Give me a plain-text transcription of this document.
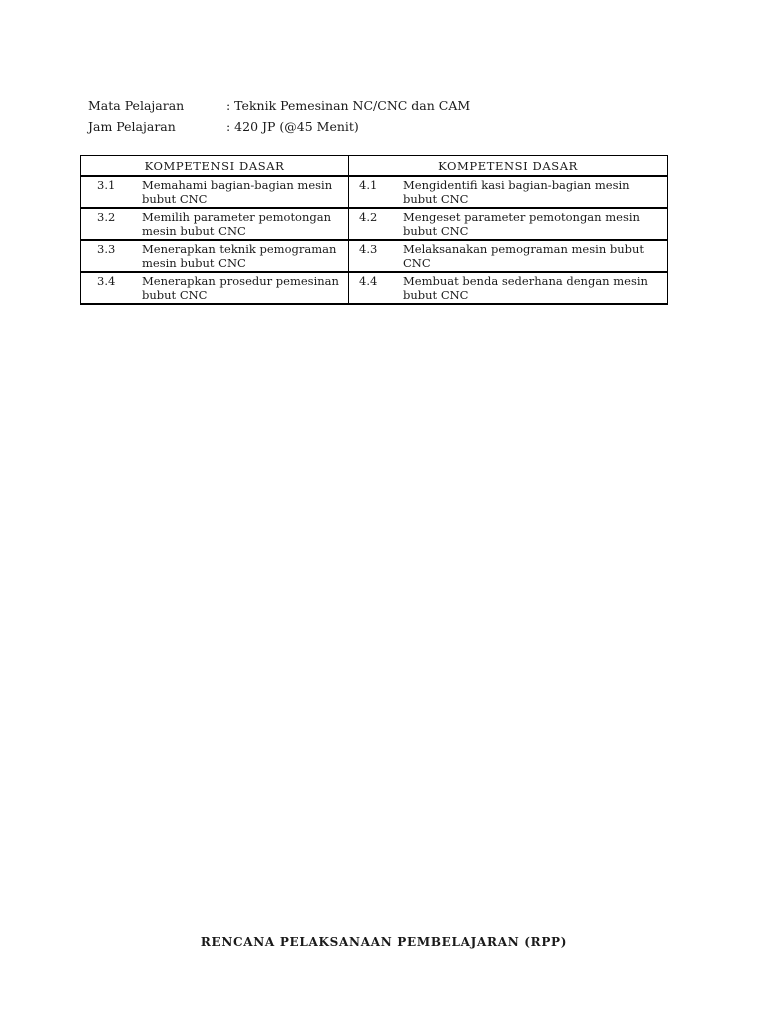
Mata Pelajaran	: Teknik Pemesinan NC/CNC dan CAM
Jam Pelajaran	: 420 JP (@45 Menit)
KOMPETENSI DASAR	KOMPETENSI DASAR

3.1 Memahami bagian-bagian mesin bubut CNC	4.1 Mengidentifi kasi bagian-bagian mesin bubut CNC

3.2 Memilih parameter pemotongan mesin bubut CNC	4.2 Mengeset parameter pemotongan mesin bubut CNC

3.3 Menerapkan teknik pemograman mesin bubut CNC	4.3 Melaksanakan pemograman mesin bubut CNC

3.4 Menerapkan prosedur pemesinan bubut CNC	4.4 Membuat benda sederhana dengan mesin bubut CNC
RENCANA PELAKSANAAN PEMBELAJARAN (RPP)
